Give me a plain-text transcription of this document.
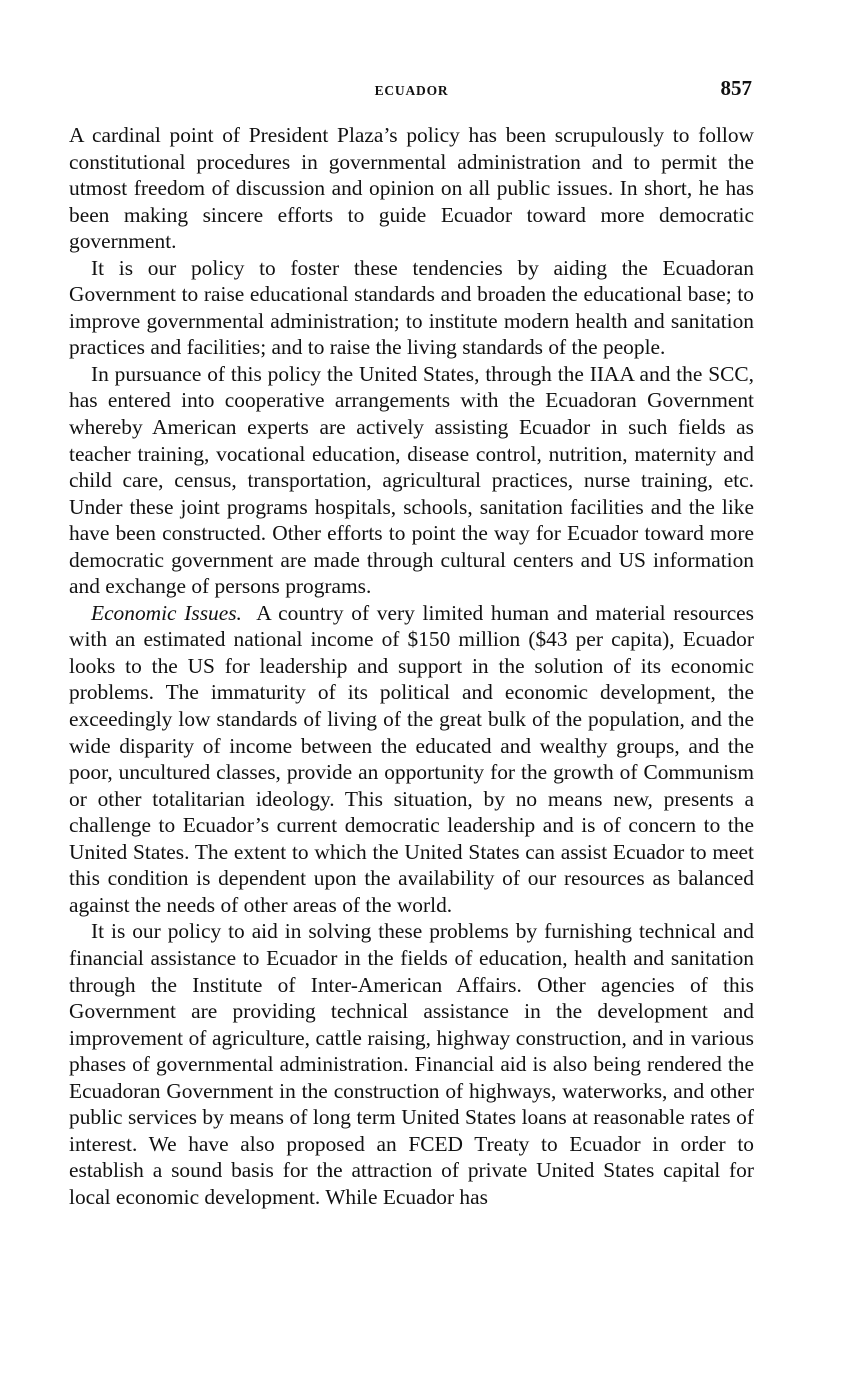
ECUADOR	857

A cardinal point of President Plaza’s policy has been scrupulously to follow constitutional procedures in governmental administration and to permit the utmost freedom of discussion and opinion on all public issues. In short, he has been making sincere efforts to guide Ecuador toward more democratic government.

It is our policy to foster these tendencies by aiding the Ecuadoran Government to raise educational standards and broaden the educational base; to improve governmental administration; to institute modern health and sanitation practices and facilities; and to raise the living standards of the people.

In pursuance of this policy the United States, through the IIAA and the SCC, has entered into cooperative arrangements with the Ecuadoran Government whereby American experts are actively assisting Ecuador in such fields as teacher training, vocational education, disease control, nutrition, maternity and child care, census, transportation, agricultural practices, nurse training, etc. Under these joint programs hospitals, schools, sanitation facilities and the like have been constructed. Other efforts to point the way for Ecuador toward more democratic government are made through cultural centers and US information and exchange of persons programs.

Economic Issues. A country of very limited human and material resources with an estimated national income of $150 million ($43 per capita), Ecuador looks to the US for leadership and support in the solution of its economic problems. The immaturity of its political and economic development, the exceedingly low standards of living of the great bulk of the population, and the wide disparity of income between the educated and wealthy groups, and the poor, uncultured classes, provide an opportunity for the growth of Communism or other totalitarian ideology. This situation, by no means new, presents a challenge to Ecuador’s current democratic leadership and is of concern to the United States. The extent to which the United States can assist Ecuador to meet this condition is dependent upon the availability of our resources as balanced against the needs of other areas of the world.

It is our policy to aid in solving these problems by furnishing technical and financial assistance to Ecuador in the fields of education, health and sanitation through the Institute of Inter-American Affairs. Other agencies of this Government are providing technical assistance in the development and improvement of agriculture, cattle raising, highway construction, and in various phases of governmental administration. Financial aid is also being rendered the Ecuadoran Government in the construction of highways, waterworks, and other public services by means of long term United States loans at reasonable rates of interest. We have also proposed an FCED Treaty to Ecuador in order to establish a sound basis for the attraction of private United States capital for local economic development. While Ecuador has
